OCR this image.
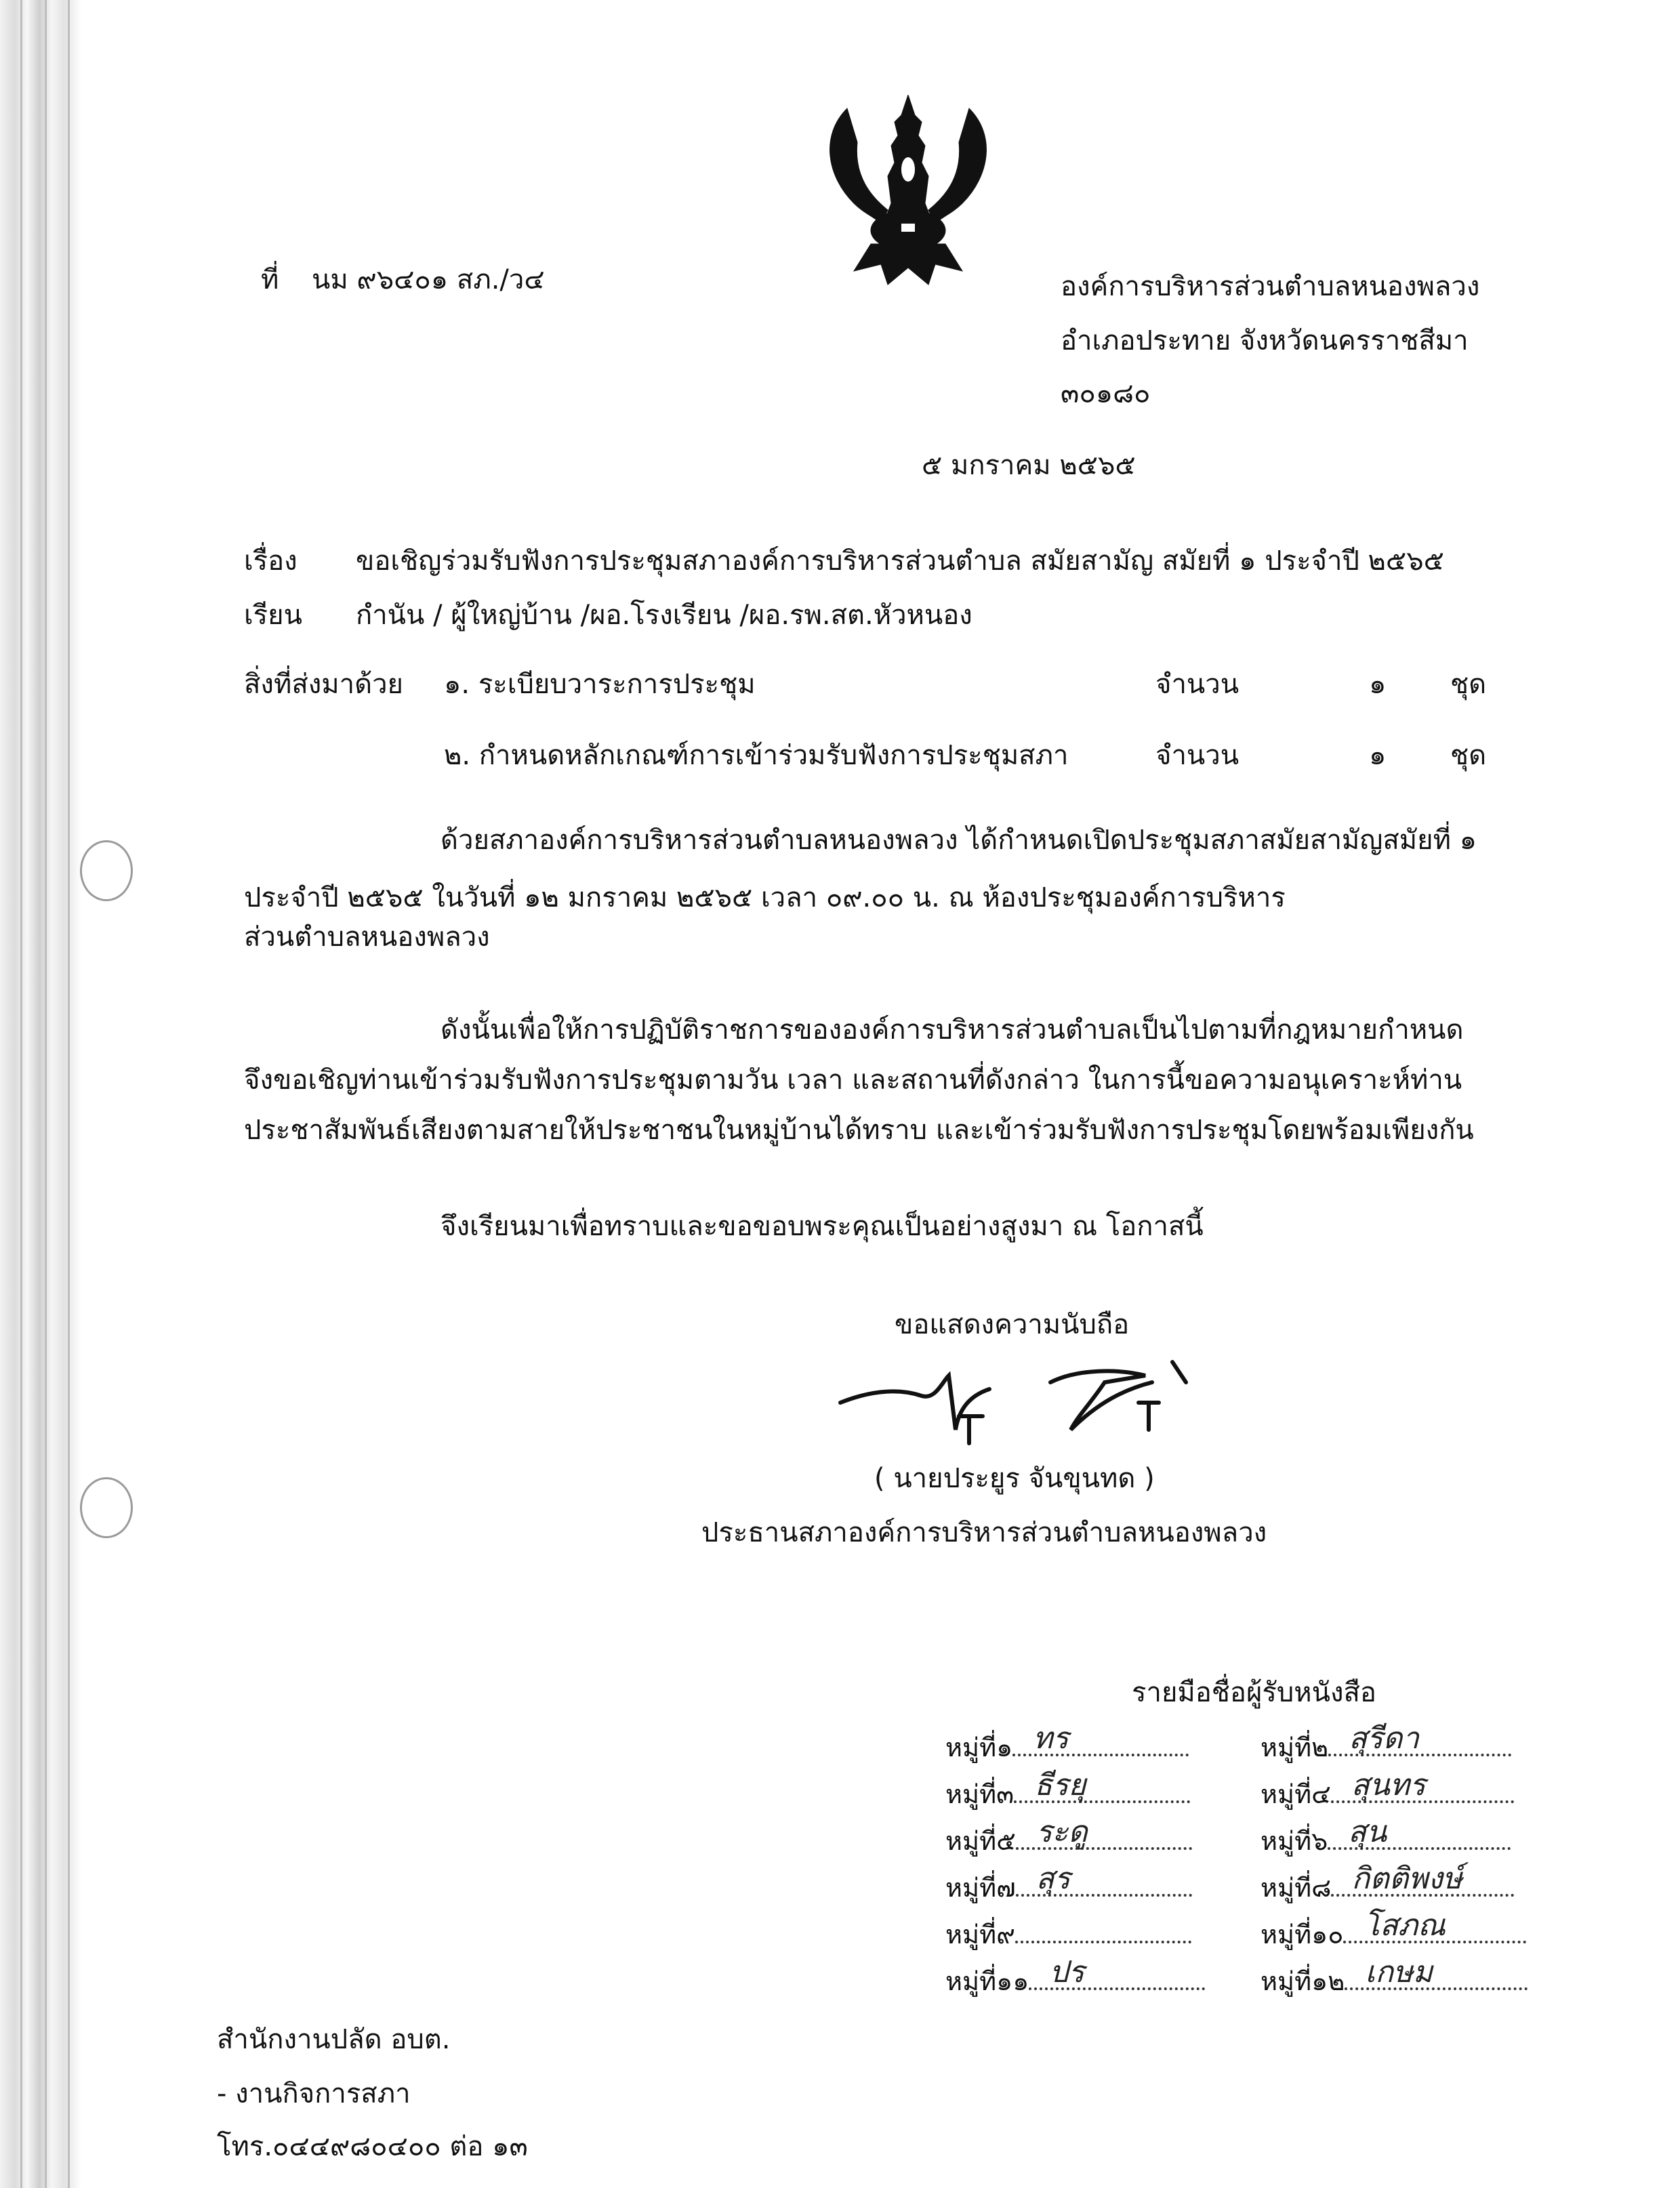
ที่ นม ๙๖๔๐๑ สภ./ว๔	องค์การบริหารส่วนตำบลหนองพลวง
อำเภอประทาย จังหวัดนครราชสีมา
๓๐๑๘๐
๕ มกราคม ๒๕๖๕
เรื่อง ขอเชิญร่วมรับฟังการประชุมสภาองค์การบริหารส่วนตำบล สมัยสามัญ สมัยที่ ๑ ประจำปี ๒๕๖๕
เรียน กำนัน / ผู้ใหญ่บ้าน /ผอ.โรงเรียน /ผอ.รพ.สต.หัวหนอง
สิ่งที่ส่งมาด้วย ๑. ระเบียบวาระการประชุม	จำนวน	๑ ชุด
๒. กำหนดหลักเกณฑ์การเข้าร่วมรับฟังการประชุมสภา	จำนวน	๑ ชุด
ด้วยสภาองค์การบริหารส่วนตำบลหนองพลวง ได้กำหนดเปิดประชุมสภาสมัยสามัญสมัยที่ ๑
ประจำปี ๒๕๖๕ ในวันที่ ๑๒ มกราคม ๒๕๖๕ เวลา ๐๙.๐๐ น. ณ ห้องประชุมองค์การบริหาร
ส่วนตำบลหนองพลวง
ดังนั้นเพื่อให้การปฏิบัติราชการขององค์การบริหารส่วนตำบลเป็นไปตามที่กฎหมายกำหนด
จึงขอเชิญท่านเข้าร่วมรับฟังการประชุมตามวัน เวลา และสถานที่ดังกล่าว ในการนี้ขอความอนุเคราะห์ท่าน
ประชาสัมพันธ์เสียงตามสายให้ประชาชนในหมู่บ้านได้ทราบ และเข้าร่วมรับฟังการประชุมโดยพร้อมเพียงกัน
จึงเรียนมาเพื่อทราบและขอขอบพระคุณเป็นอย่างสูงมา ณ โอกาสนี้
ขอแสดงความนับถือ
( นายประยูร จันขุนทด )
ประธานสภาองค์การบริหารส่วนตำบลหนองพลวง
รายมือชื่อผู้รับหนังสือ
หมู่ที่๑ ทร	หมู่ที่๒ สุรีดา
หมู่ที่๓ ธีรยุ	หมู่ที่๔ สุนทร
หมู่ที่๕ ระดู	หมู่ที่๖ สุน
หมู่ที่๗ สุร	หมู่ที่๘ กิตติพงษ์
หมู่ที่๙	หมู่ที่๑๐ โสภณ
หมู่ที่๑๑ ปร	หมู่ที่๑๒ เกษม
สำนักงานปลัด อบต.
- งานกิจการสภา
โทร.๐๔๔๙๘๐๔๐๐ ต่อ ๑๓
